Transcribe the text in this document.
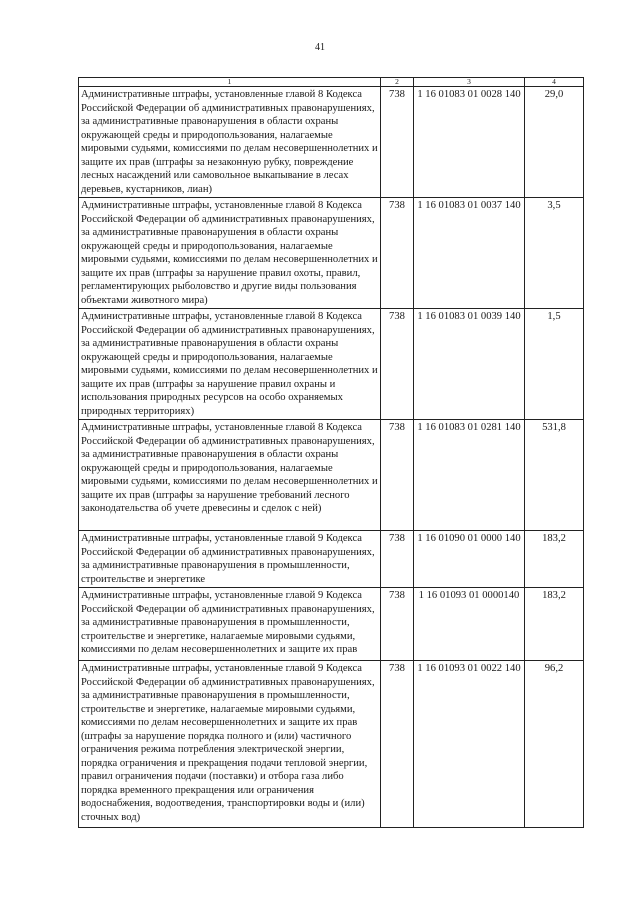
41
1	2	3	4
Административные штрафы, установленные главой 8 Кодекса Российской Федерации об административных правонарушениях, за административные правонарушения в области охраны окружающей среды и природопользования, налагаемые мировыми судьями, комиссиями по делам несовершеннолетних и защите их прав (штрафы за незаконную рубку, повреждение лесных насаждений или самовольное выкапывание в лесах деревьев, кустарников, лиан)	738	1 16 01083 01 0028 140	29,0
Административные штрафы, установленные главой 8 Кодекса Российской Федерации об административных правонарушениях, за административные правонарушения в области охраны окружающей среды и природопользования, налагаемые мировыми судьями, комиссиями по делам несовершеннолетних и защите их прав (штрафы за нарушение правил охоты, правил, регламентирующих рыболовство и другие виды пользования объектами животного мира)	738	1 16 01083 01 0037 140	3,5
Административные штрафы, установленные главой 8 Кодекса Российской Федерации об административных правонарушениях, за административные правонарушения в области охраны окружающей среды и природопользования, налагаемые мировыми судьями, комиссиями по делам несовершеннолетних и защите их прав (штрафы за нарушение правил охраны и использования природных ресурсов на особо охраняемых природных территориях)	738	1 16 01083 01 0039 140	1,5
Административные штрафы, установленные главой 8 Кодекса Российской Федерации об административных правонарушениях, за административные правонарушения в области охраны окружающей среды и природопользования, налагаемые мировыми судьями, комиссиями по делам несовершеннолетних и защите их прав (штрафы за нарушение требований лесного законодательства об учете древесины и сделок с ней)	738	1 16 01083 01 0281 140	531,8
Административные штрафы, установленные главой 9 Кодекса Российской Федерации об административных правонарушениях, за административные правонарушения в промышленности, строительстве и энергетике	738	1 16 01090 01 0000 140	183,2
Административные штрафы, установленные главой 9 Кодекса Российской Федерации об административных правонарушениях, за административные правонарушения в промышленности, строительстве и энергетике, налагаемые мировыми судьями, комиссиями по делам несовершеннолетних и защите их прав	738	1 16 01093 01 0000140	183,2
Административные штрафы, установленные главой 9 Кодекса Российской Федерации об административных правонарушениях, за административные правонарушения в промышленности, строительстве и энергетике, налагаемые мировыми судьями, комиссиями по делам несовершеннолетних и защите их прав (штрафы за нарушение порядка полного и (или) частичного ограничения режима потребления электрической энергии, порядка ограничения и прекращения подачи тепловой энергии, правил ограничения подачи (поставки) и отбора газа либо порядка временного прекращения или ограничения водоснабжения, водоотведения, транспортировки воды и (или) сточных вод)	738	1 16 01093 01 0022 140	96,2
